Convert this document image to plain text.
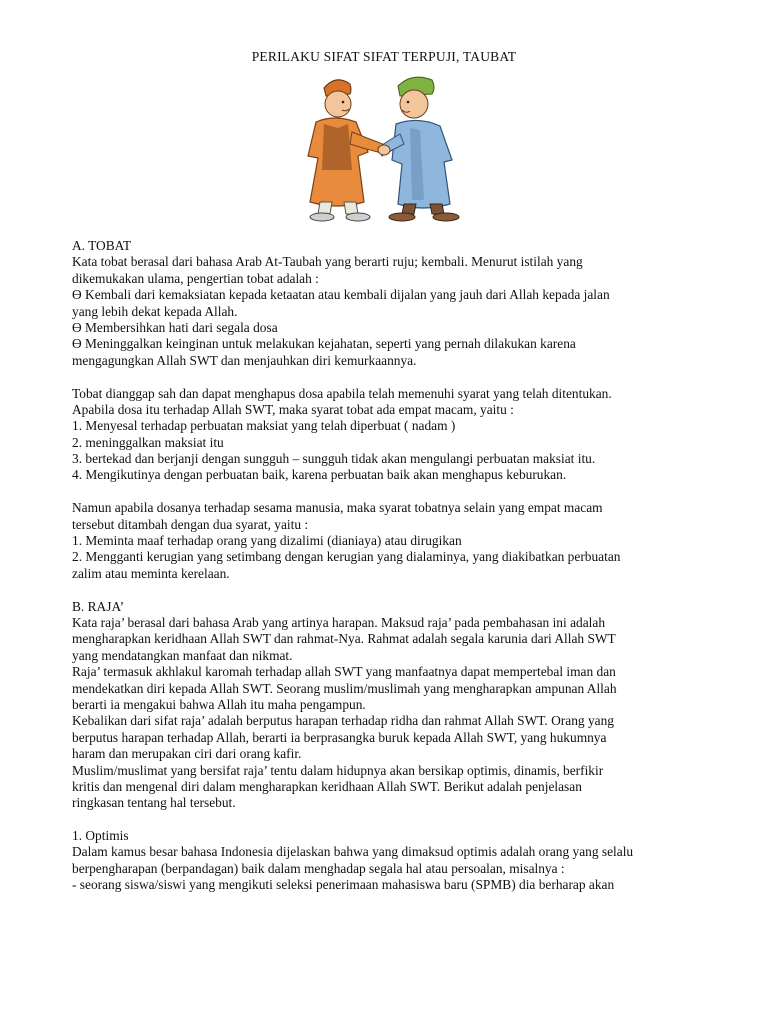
PERILAKU SIFAT SIFAT TERPUJI, TAUBAT
A. TOBAT
Kata tobat berasal dari bahasa Arab At-Taubah yang berarti ruju; kembali. Menurut istilah yang
dikemukakan ulama, pengertian tobat adalah :
ϴ Kembali dari kemaksiatan kepada ketaatan atau kembali dijalan yang jauh dari Allah kepada jalan
yang lebih dekat kepada Allah.
ϴ Membersihkan hati dari segala dosa
ϴ Meninggalkan keinginan untuk melakukan kejahatan, seperti yang pernah dilakukan karena
mengagungkan Allah SWT dan menjauhkan diri kemurkaannya.
Tobat dianggap sah dan dapat menghapus dosa apabila telah memenuhi syarat yang telah ditentukan.
Apabila dosa itu terhadap Allah SWT, maka syarat tobat ada empat macam, yaitu :
1. Menyesal terhadap perbuatan maksiat yang telah diperbuat ( nadam )
2. meninggalkan maksiat itu
3. bertekad dan berjanji dengan sungguh – sungguh tidak akan mengulangi perbuatan maksiat itu.
4. Mengikutinya dengan perbuatan baik, karena perbuatan baik akan menghapus keburukan.
Namun apabila dosanya terhadap sesama manusia, maka syarat tobatnya selain yang empat macam
tersebut ditambah dengan dua syarat, yaitu :
1. Meminta maaf terhadap orang yang dizalimi (dianiaya) atau dirugikan
2. Mengganti kerugian yang setimbang dengan kerugian yang dialaminya, yang diakibatkan perbuatan
zalim atau meminta kerelaan.
B. RAJA’
Kata raja’ berasal dari bahasa Arab yang artinya harapan. Maksud raja’ pada pembahasan ini adalah
mengharapkan keridhaan Allah SWT dan rahmat-Nya. Rahmat adalah segala karunia dari Allah SWT
yang mendatangkan manfaat dan nikmat.
Raja’ termasuk akhlakul karomah terhadap allah SWT yang manfaatnya dapat mempertebal iman dan
mendekatkan diri kepada Allah SWT. Seorang muslim/muslimah yang mengharapkan ampunan Allah
berarti ia mengakui bahwa Allah itu maha pengampun.
Kebalikan dari sifat raja’ adalah berputus harapan terhadap ridha dan rahmat Allah SWT. Orang yang
berputus harapan terhadap Allah, berarti ia berprasangka buruk kepada Allah SWT, yang hukumnya
haram dan merupakan ciri dari orang kafir.
Muslim/muslimat yang bersifat raja’ tentu dalam hidupnya akan bersikap optimis, dinamis, berfikir
kritis dan mengenal diri dalam mengharapkan keridhaan Allah SWT. Berikut adalah penjelasan
ringkasan tentang hal tersebut.
1. Optimis
Dalam kamus besar bahasa Indonesia dijelaskan bahwa yang dimaksud optimis adalah orang yang selalu
berpengharapan (berpandagan) baik dalam menghadap segala hal atau persoalan, misalnya :
- seorang siswa/siswi yang mengikuti seleksi penerimaan mahasiswa baru (SPMB) dia berharap akan
